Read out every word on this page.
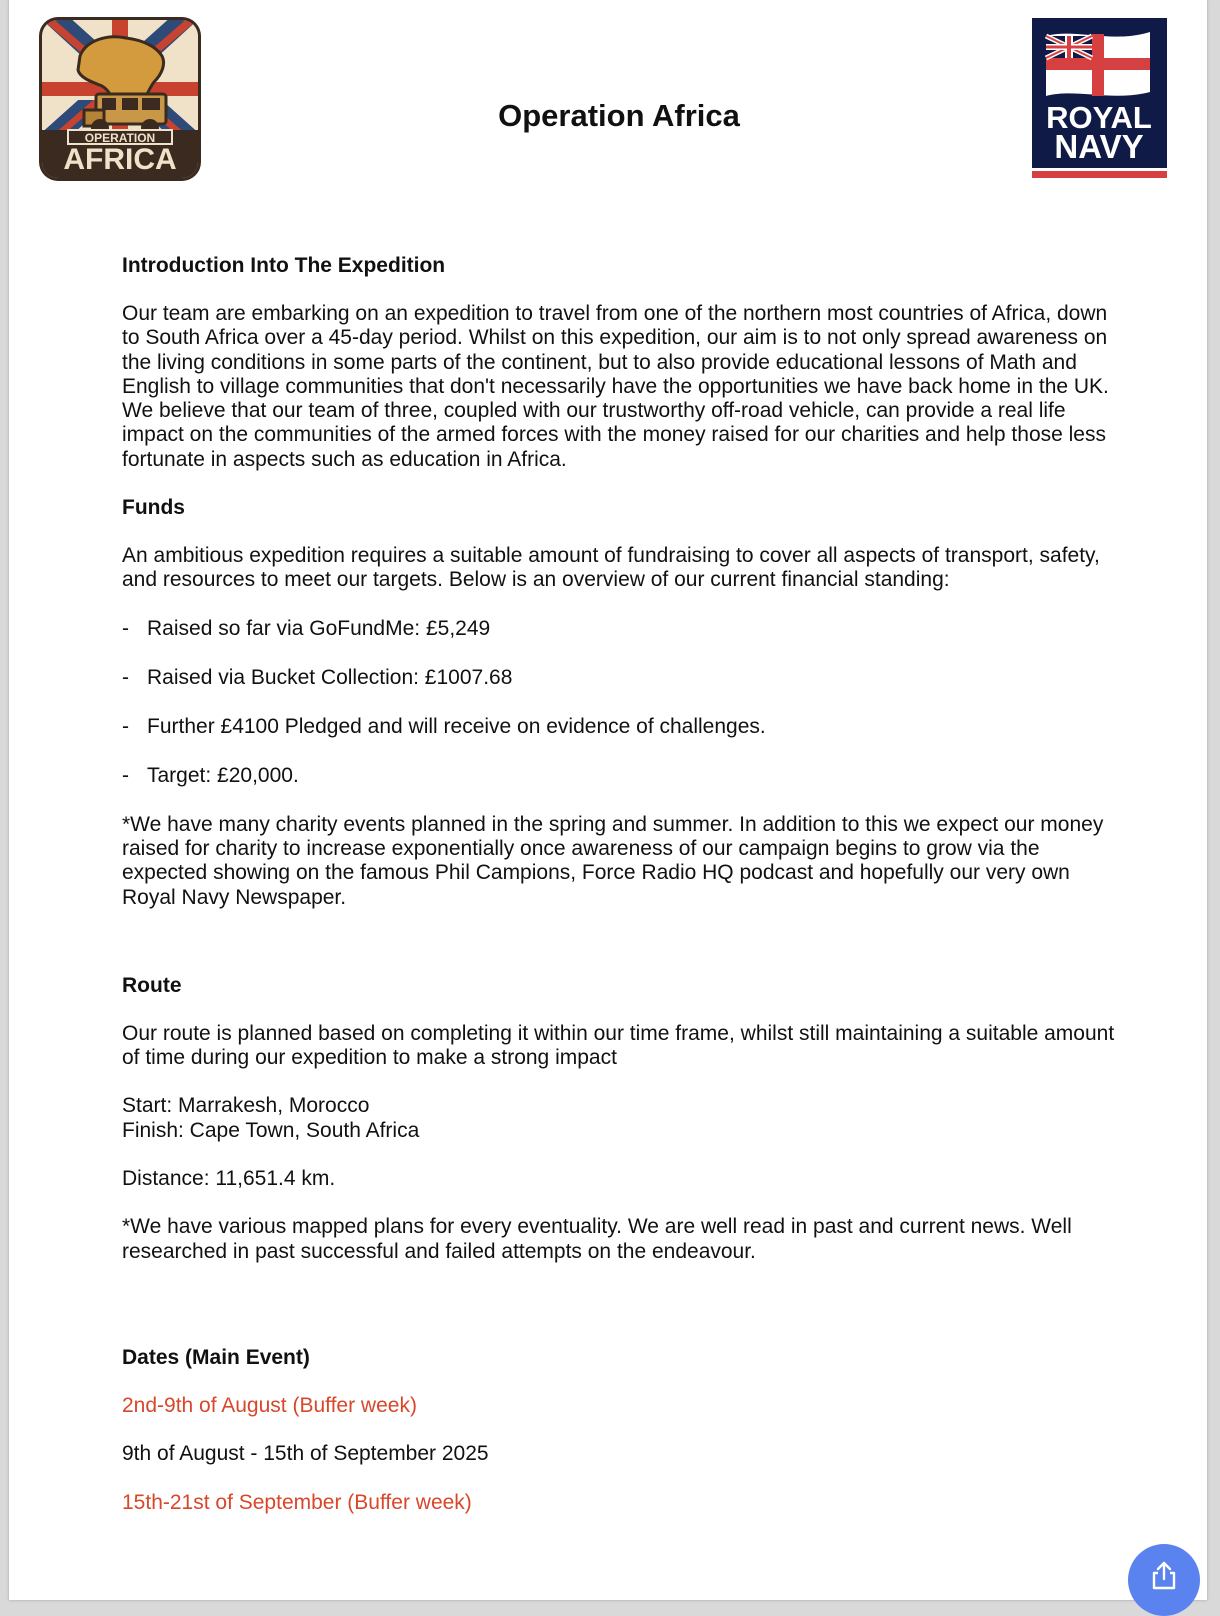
OPERATION
AFRICA
Operation Africa	ROYAL
NAVY
Introduction Into The Expedition

Our team are embarking on an expedition to travel from one of the northern most countries of Africa, down to South Africa over a 45-day period. Whilst on this expedition, our aim is to not only spread awareness on the living conditions in some parts of the continent, but to also provide educational lessons of Math and English to village communities that don't necessarily have the opportunities we have back home in the UK. We believe that our team of three, coupled with our trustworthy off-road vehicle, can provide a real life impact on the communities of the armed forces with the money raised for our charities and help those less fortunate in aspects such as education in Africa.

Funds

An ambitious expedition requires a suitable amount of fundraising to cover all aspects of transport, safety, and resources to meet our targets. Below is an overview of our current financial standing:

- Raised so far via GoFundMe: £5,249
- Raised via Bucket Collection: £1007.68
- Further £4100 Pledged and will receive on evidence of challenges.
- Target: £20,000.

*We have many charity events planned in the spring and summer. In addition to this we expect our money raised for charity to increase exponentially once awareness of our campaign begins to grow via the expected showing on the famous Phil Campions, Force Radio HQ podcast and hopefully our very own Royal Navy Newspaper.

Route

Our route is planned based on completing it within our time frame, whilst still maintaining a suitable amount of time during our expedition to make a strong impact

Start: Marrakesh, Morocco
Finish: Cape Town, South Africa

Distance: 11,651.4 km.

*We have various mapped plans for every eventuality. We are well read in past and current news. Well researched in past successful and failed attempts on the endeavour.

Dates (Main Event)

2nd-9th of August (Buffer week)

9th of August - 15th of September 2025

15th-21st of September (Buffer week)
